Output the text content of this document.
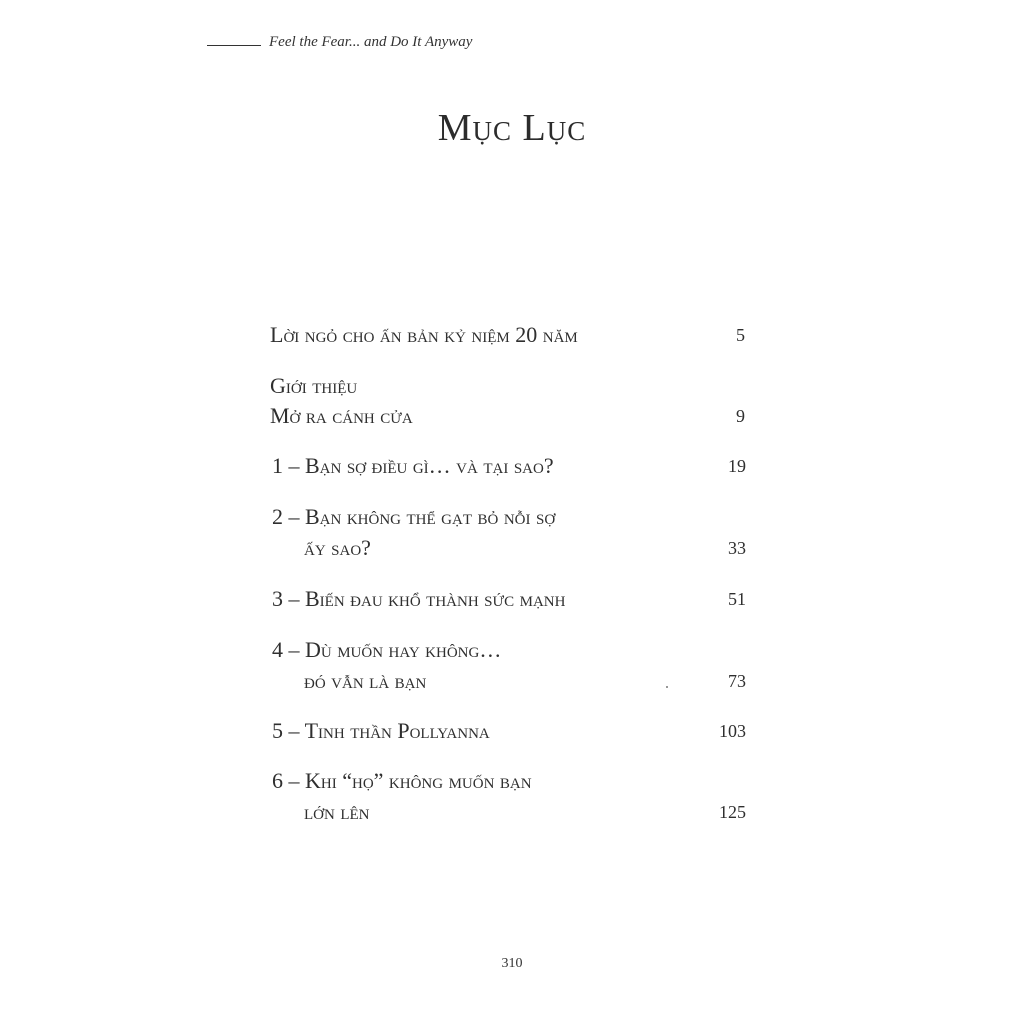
Feel the Fear... and Do It Anyway
Mục Lục
Lời ngỏ cho ấn bản kỷ niệm 20 năm	5
Giới thiệu
Mở ra cánh cửa	9
1 – Bạn sợ điều gì… và tại sao?	19
2 – Bạn không thể gạt bỏ nỗi sợ
ấy sao?	33
3 – Biến đau khổ thành sức mạnh	51
4 – Dù muốn hay không…
đó vẫn là bạn	73
5 – Tinh thần Pollyanna	103
6 – Khi “họ” không muốn bạn
lớn lên	125
310
